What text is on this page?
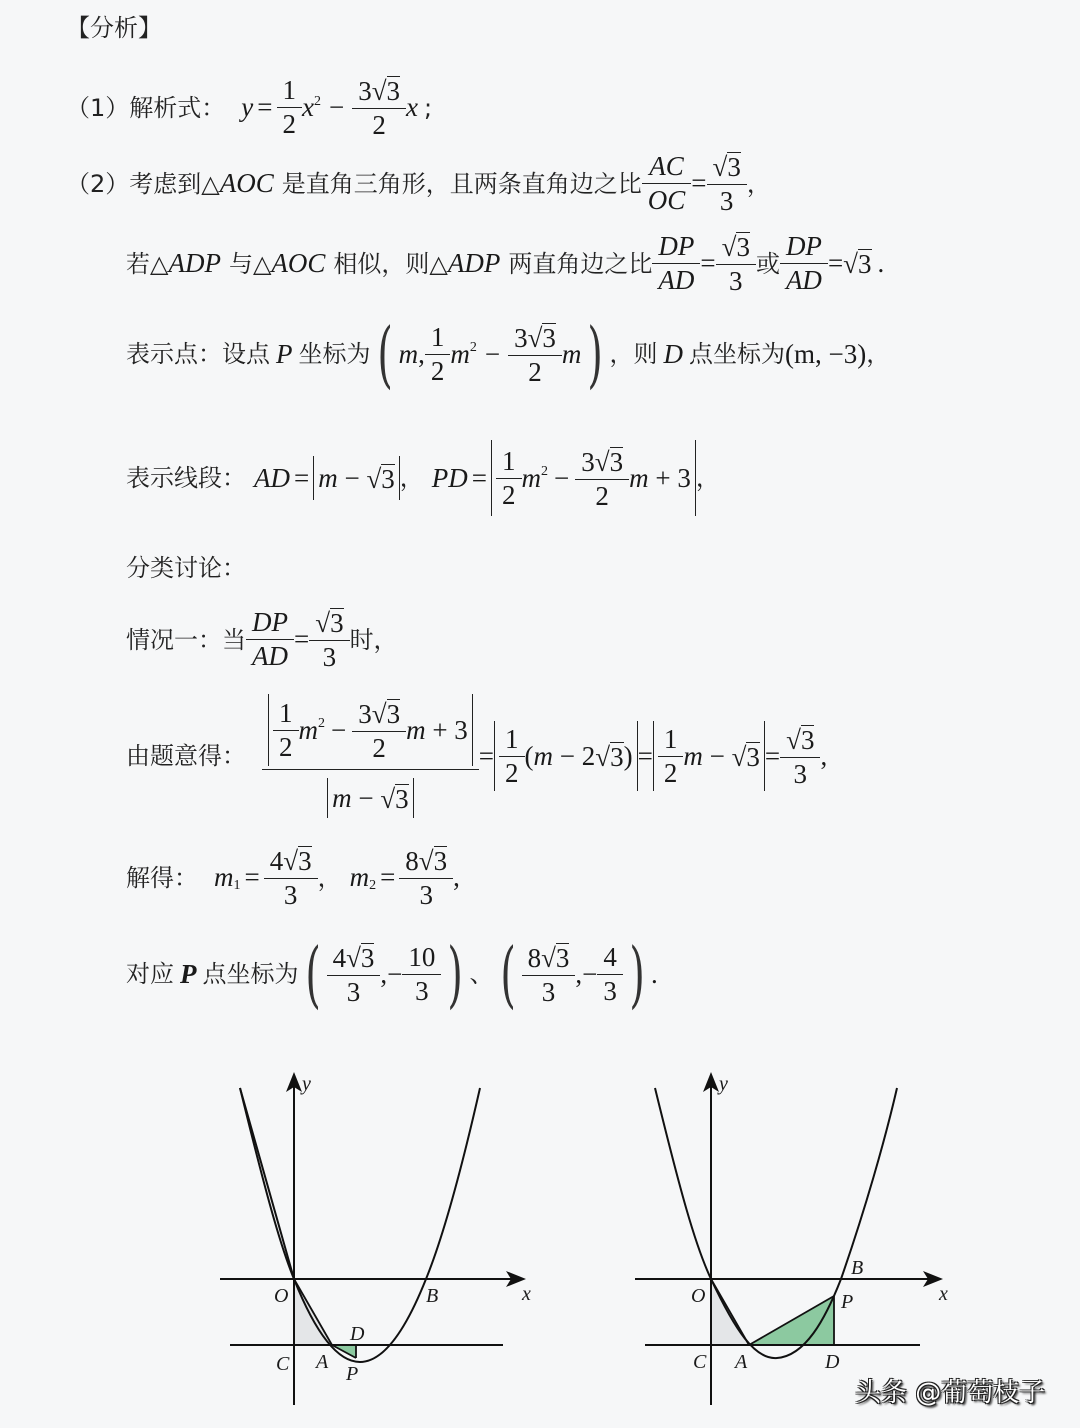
【分析】
（1）解析式： $y = \frac{1}{2}$ x $2 - \frac{3 √ 3}{2}$ x ;
（2） 考虑到△ AOC 是直角三角形，且两条直角边之比 $\frac{AC}{OC} = \frac{√ 3}{3}$ ，
若△ ADP 与△ AOC 相似，则△ ADP 两直角边之比 $\frac{DP}{AD} = \frac{√ 3}{3}$ 或 $\frac{DP}{AD}$ = √ 3 .
表示点：设点 P 坐标为 ( m , $\frac{1}{2}$ m $2 - \frac{3 √ 3}{2}$ m ) ，则 D 点坐标为 (m, −3) ，
表示线段： AD = m − √ 3 ， PD = $\frac{1}{2}$ m $2 - \frac{3 √ 3}{2}$ m + 3 ，
分类讨论：
情况一：当 $\frac{DP}{AD} = \frac{√ 3}{3}$ 时，
由题意得： $\frac{\frac{1}{2} m 2 - \frac{3 √ 3}{2} m + 3}{m - √ 3} = \frac{1}{2}$ ( m − 2 √ 3 ) = $\frac{1}{2}$ m − √ $3 = \frac{√ 3}{3}$ ,
解得： m $1 = \frac{4 √ 3}{3}$ ， m $2 = \frac{8 √ 3}{3}$ ,
对应 P 点坐标为 ( $\frac{4 √ 3}{3}$ ,− $\frac{10}{3}$ ) 、 ( $\frac{8 √ 3}{3}$ ,− $\frac{4}{3}$ ) .
y
x
O	B
D
C A
P
y
x
O
B
P
C A	D
头条 @葡萄枝子
